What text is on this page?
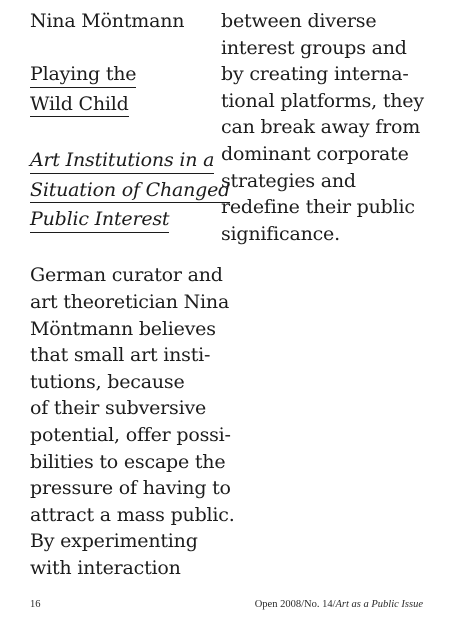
Nina Möntmann
Playing the
Wild Child
Art Institutions in a
Situation of Changed
Public Interest
German curator and
art theoretician Nina
Möntmann believes
that small art insti-
tutions, because
of their subversive
potential, offer possi-
bilities to escape the
pressure of having to
attract a mass public.
By experimenting
with interaction
between diverse
interest groups and
by creating interna-
tional platforms, they
can break away from
dominant corporate
strategies and
redefine their public
significance.
16	Open 2008/No. 14/Art as a Public Issue
